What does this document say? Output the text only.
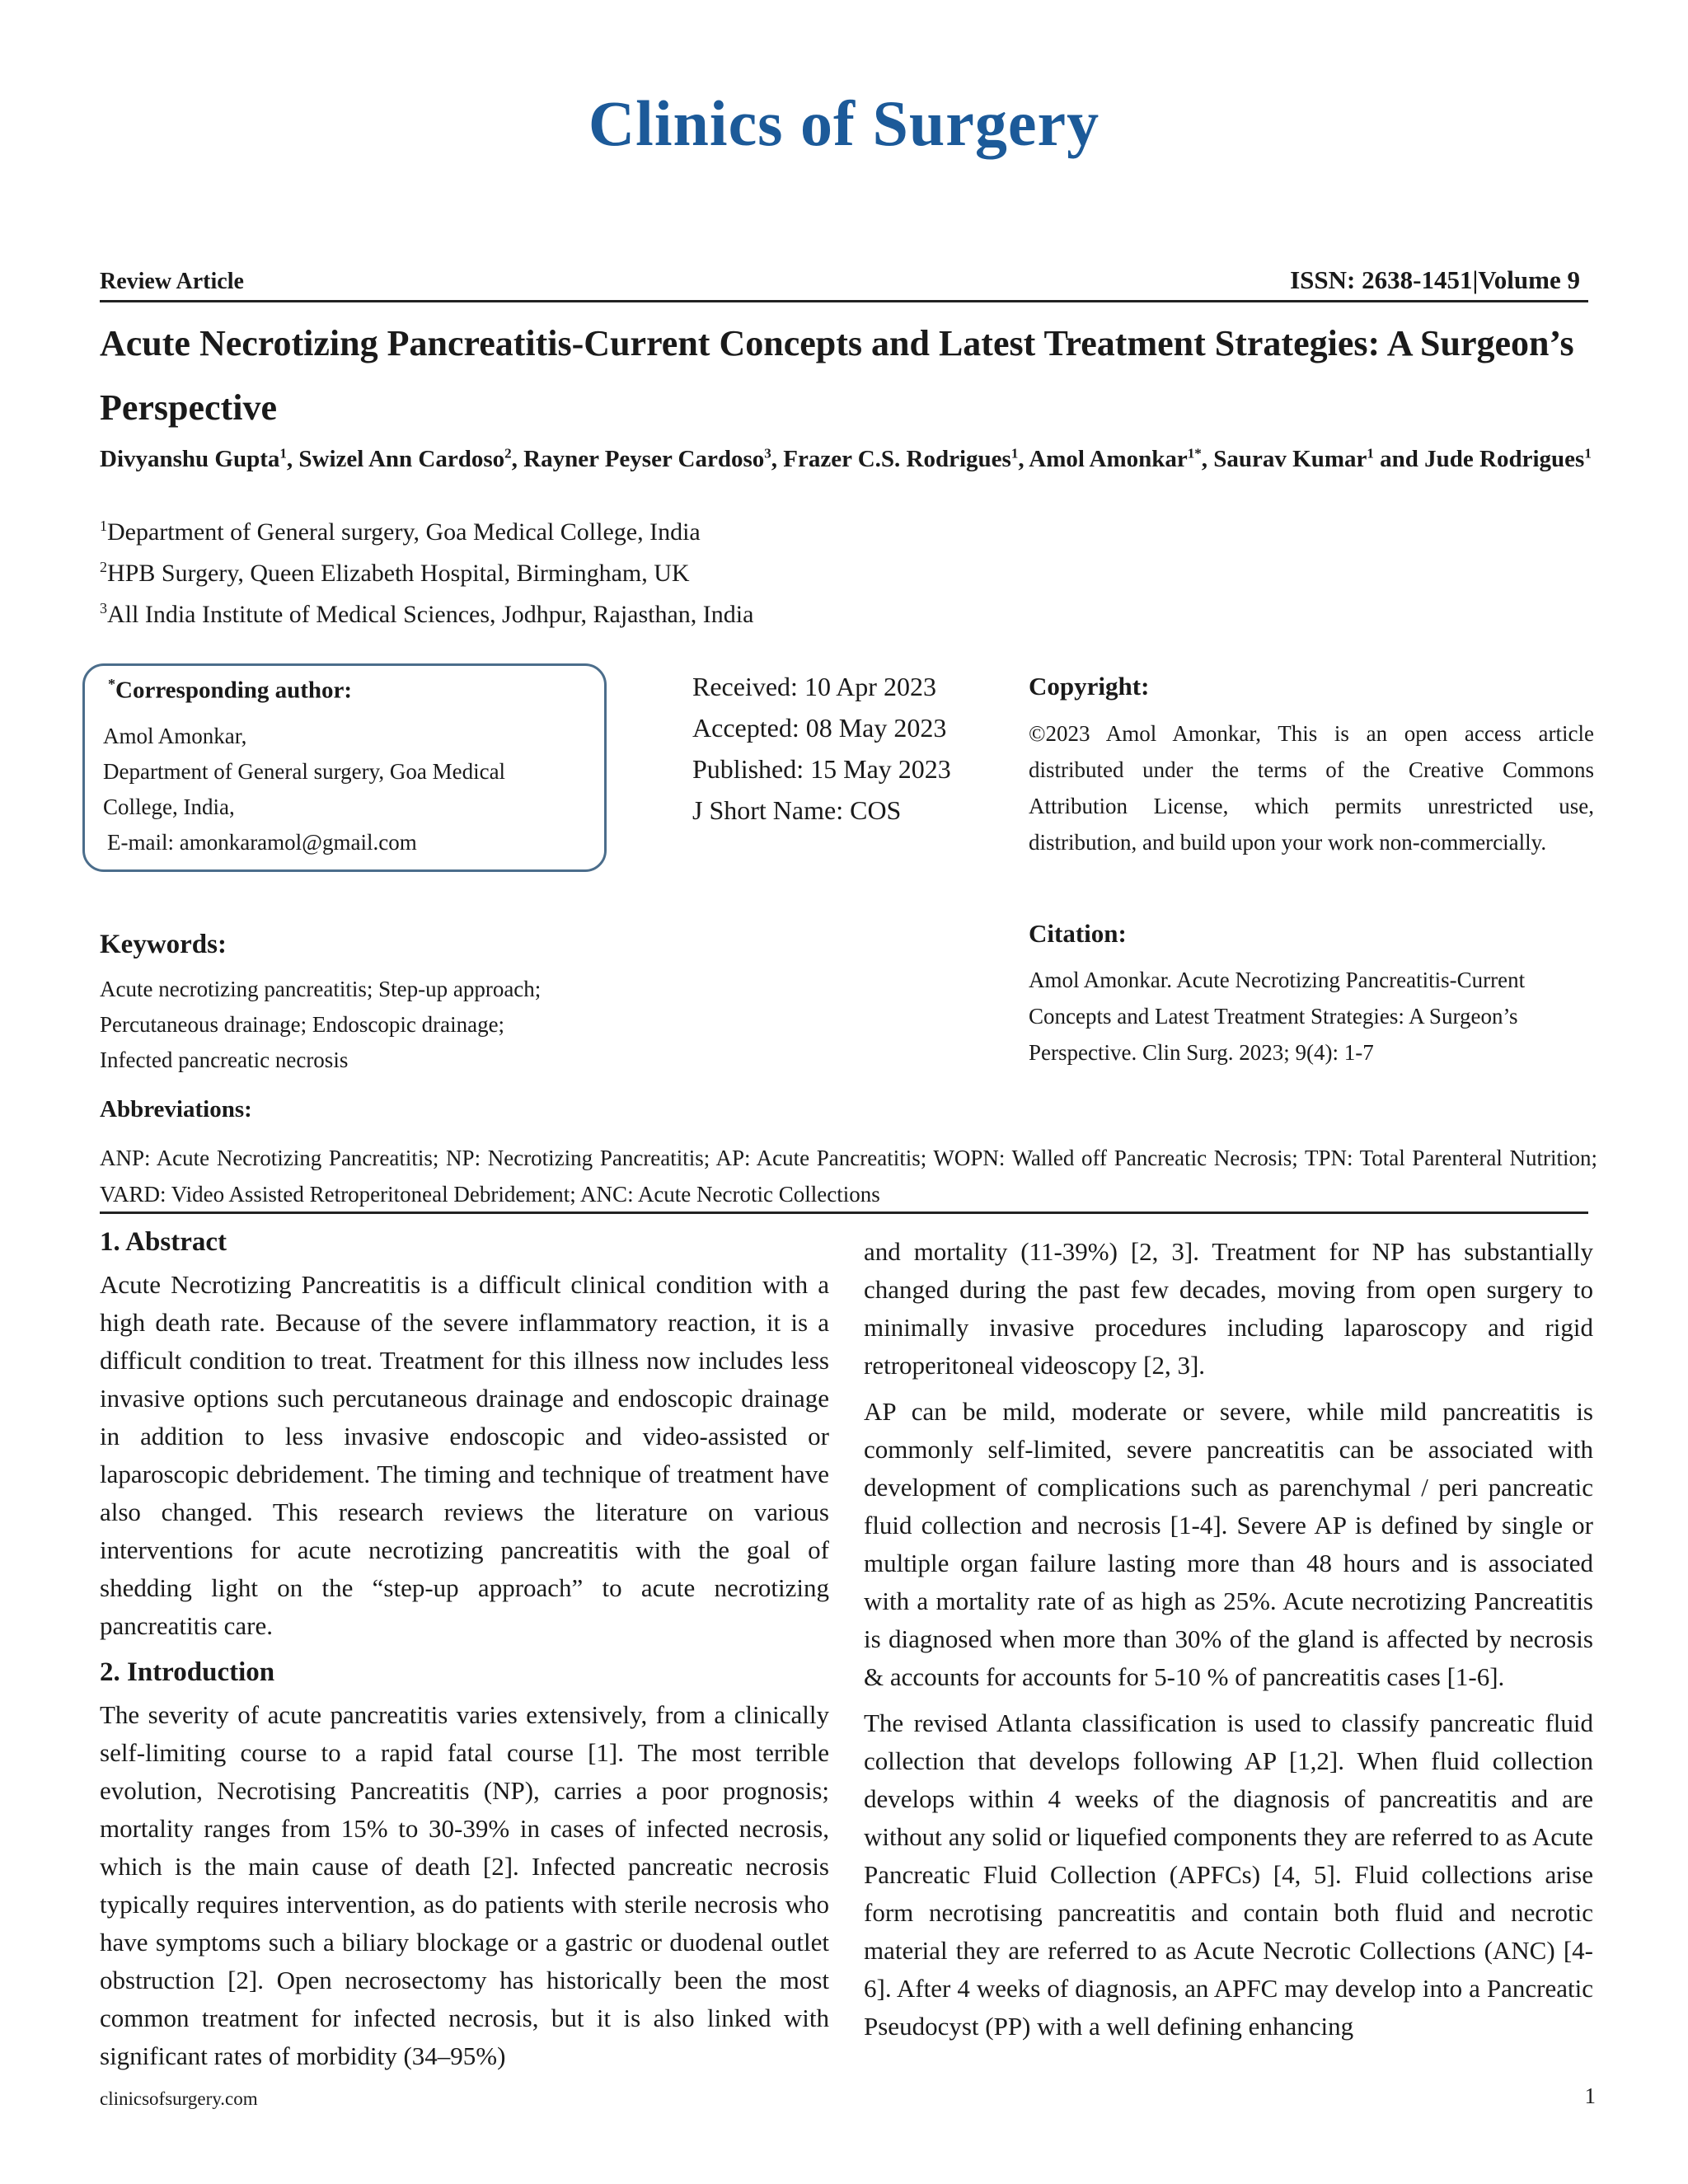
Clinics of Surgery
Review Article	ISSN: 2638-1451|Volume 9
Acute Necrotizing Pancreatitis-Current Concepts and Latest Treatment Strategies: A Surgeon’s Perspective
Divyanshu Gupta$^1$, Swizel Ann Cardoso$^2$, Rayner Peyser Cardoso$^3$, Frazer C.S. Rodrigues$^1$, Amol Amonkar$^{1*}$, Saurav Kumar$^1$ and Jude Rodrigues$^1$
$^1$Department of General surgery, Goa Medical College, India
$^2$HPB Surgery, Queen Elizabeth Hospital, Birmingham, UK
$^3$All India Institute of Medical Sciences, Jodhpur, Rajasthan, India
*Corresponding author:
Amol Amonkar,
Department of General surgery, Goa Medical
College, India,
E-mail: amonkaramol@gmail.com
Received: 10 Apr 2023
Accepted: 08 May 2023
Published: 15 May 2023
J Short Name: COS
Copyright:
©2023 Amol Amonkar, This is an open access article distributed under the terms of the Creative Commons Attribution License, which permits unrestricted use, distribution, and build upon your work non-commercially.
Keywords:
Acute necrotizing pancreatitis; Step-up approach;
Percutaneous drainage; Endoscopic drainage;
Infected pancreatic necrosis
Citation:
Amol Amonkar. Acute Necrotizing Pancreatitis-Current Concepts and Latest Treatment Strategies: A Surgeon’s Perspective. Clin Surg. 2023; 9(4): 1-7
Abbreviations:
ANP: Acute Necrotizing Pancreatitis; NP: Necrotizing Pancreatitis; AP: Acute Pancreatitis; WOPN: Walled off Pancreatic Necrosis; TPN: Total Parenteral Nutrition; VARD: Video Assisted Retroperitoneal Debridement; ANC: Acute Necrotic Collections
1. Abstract

Acute Necrotizing Pancreatitis is a difficult clinical condition with a high death rate. Because of the severe inflammatory reaction, it is a difficult condition to treat. Treatment for this illness now includes less invasive options such percutaneous drainage and endoscopic drainage in addition to less invasive endoscopic and video-assisted or laparoscopic debridement. The timing and technique of treatment have also changed. This research reviews the literature on various interventions for acute necrotizing pancreatitis with the goal of shedding light on the “step-up approach” to acute necrotizing pancreatitis care.

2. Introduction

The severity of acute pancreatitis varies extensively, from a clinically self-limiting course to a rapid fatal course [1]. The most terrible evolution, Necrotising Pancreatitis (NP), carries a poor prognosis; mortality ranges from 15% to 30-39% in cases of infected necrosis, which is the main cause of death [2]. Infected pancreatic necrosis typically requires intervention, as do patients with sterile necrosis who have symptoms such a biliary blockage or a gastric or duodenal outlet obstruction [2]. Open necrosectomy has historically been the most common treatment for infected necrosis, but it is also linked with significant rates of morbidity (34–95%)

and mortality (11-39%) [2, 3]. Treatment for NP has substantially changed during the past few decades, moving from open surgery to minimally invasive procedures including laparoscopy and rigid retroperitoneal videoscopy [2, 3].

AP can be mild, moderate or severe, while mild pancreatitis is commonly self-limited, severe pancreatitis can be associated with development of complications such as parenchymal / peri pancreatic fluid collection and necrosis [1-4]. Severe AP is defined by single or multiple organ failure lasting more than 48 hours and is associated with a mortality rate of as high as 25%. Acute necrotizing Pancreatitis is diagnosed when more than 30% of the gland is affected by necrosis & accounts for accounts for 5-10 % of pancreatitis cases [1-6].

The revised Atlanta classification is used to classify pancreatic fluid collection that develops following AP [1,2]. When fluid collection develops within 4 weeks of the diagnosis of pancreatitis and are without any solid or liquefied components they are referred to as Acute Pancreatic Fluid Collection (APFCs) [4, 5]. Fluid collections arise form necrotising pancreatitis and contain both fluid and necrotic material they are referred to as Acute Necrotic Collections (ANC) [4-6]. After 4 weeks of diagnosis, an APFC may develop into a Pancreatic Pseudocyst (PP) with a well defining enhancing

clinicsofsurgery.com	1
